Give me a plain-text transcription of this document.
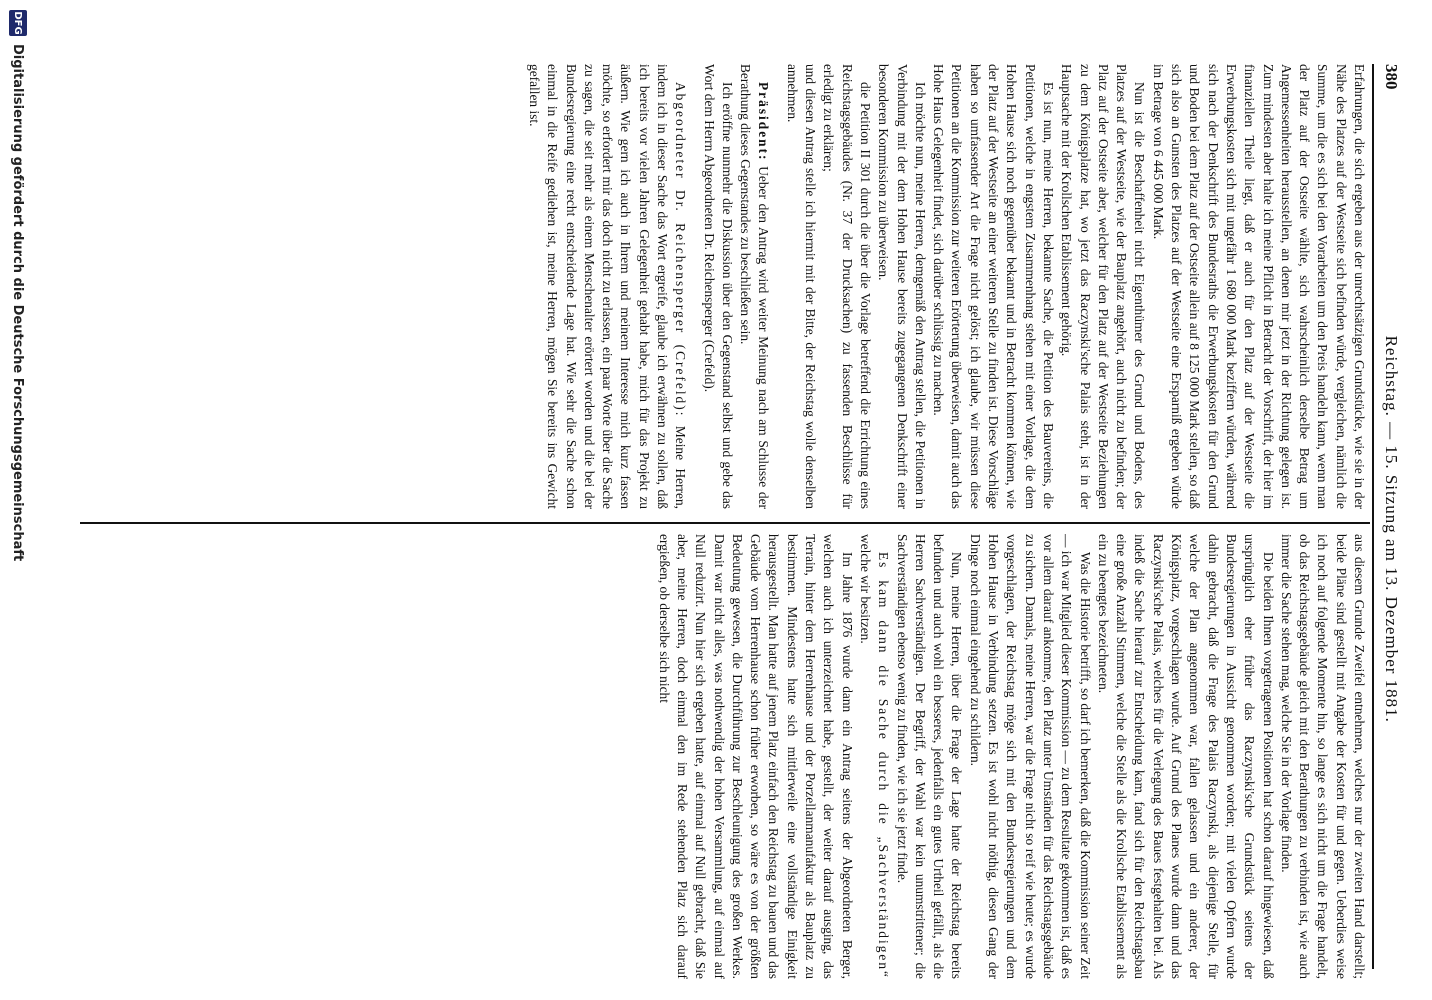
380
Reichstag. — 15. Sitzung am 13. Dezember 1881.

Erfahrungen, die sich ergeben aus der unrechtsätzigen Grundstücke, wie sie in der Nähe des Platzes auf der Westseite sich befinden würde, vergleichen, nämlich die Summe, um die es sich bei den Vorarbeiten um den Preis handeln kann, wenn man der Platz auf der Ostseite wählte, sich wahrscheinlich derselbe Betrag um Angemessenheiten herausstellen, an denen mir jetzt in der Richtung gelegen ist. Zum mindesten aber halte ich meine Pflicht in Betracht der Vorschrift, der hier im finanziellen Theile liegt, daß er auch für den Platz auf der Westseite die Erwerbungskosten sich mit ungefähr 1 680 000 Mark beziffern würden, während sich nach der Denkschrift des Bundesraths die Erwerbungskosten für den Grund und Boden bei dem Platz auf der Ostseite allein auf 8 125 000 Mark stellen, so daß sich also an Gunsten des Platzes auf der Westseite eine Ersparniß ergeben würde im Betrage von 6 445 000 Mark.

Nun ist die Beschaffenheit nicht Eigenthümer des Grund und Bodens, des Platzes auf der Westseite, wie der Bauplatz angehört, auch nicht zu befinden; der Platz auf der Ostseite aber, welcher für den Platz auf der Westseite Beziehungen zu dem Königsplatze hat, wo jetzt das Raczynski'sche Palais steht, ist in der Hauptsache mit der Krollschen Etablissement gehörig.

Es ist nun, meine Herren, bekannte Sache, die Petition des Bauvereins, die Petitionen, welche in engstem Zusammenhang stehen mit einer Vorlage, die dem Hohen Hause sich noch gegenüber bekannt und in Betracht kommen können, wie der Platz auf der Westseite an einer weiteren Stelle zu finden ist. Diese Vorschläge haben so umfassender Art die Frage nicht gelöst; ich glaube, wir müssen diese Petitionen an die Kommission zur weiteren Erörterung überweisen, damit auch das Hohe Haus Gelegenheit findet, sich darüber schlüssig zu machen.

Ich möchte nun, meine Herren, demgemäß den Antrag stellen, die Petitionen in Verbindung mit der dem Hohen Hause bereits zugegangenen Denkschrift einer besonderen Kommission zu überweisen.

die Petition II 301 durch die über die Vorlage betreffend die Errichtung eines Reichstagsgebäudes (Nr. 37 der Drucksachen) zu fassenden Beschlüsse für erledigt zu erklären;

und diesen Antrag stelle ich hiermit mit der Bitte, der Reichstag wolle denselben annehmen.

Präsident: Ueber den Antrag wird weiter Meinung nach am Schlusse der Berathung dieses Gegenstandes zu beschließen sein.

Ich eröffne nunmehr die Diskussion über den Gegenstand selbst und gebe das Wort dem Herrn Abgeordneten Dr. Reichensperger (Crefeld).

Abgeordneter Dr. Reichensperger (Crefeld): Meine Herren, indem ich in dieser Sache das Wort ergreife, glaube ich erwähnen zu sollen, daß ich bereits vor vielen Jahren Gelegenheit gehabt habe, mich für das Projekt zu äußern. Wie gern ich auch in Ihrem und meinem Interesse mich kurz fassen möchte, so erfordert mir das doch nicht zu erlassen, ein paar Worte über die Sache zu sagen, die seit mehr als einem Menschenalter erörtert worden und die bei der Bundesregierung eine recht entscheidende Lage hat. Wie sehr die Sache schon einmal in die Reife gediehen ist, meine Herren, mögen Sie bereits ins Gewicht gefallen ist.

aus diesem Grunde Zweifel entnehmen, welches nur der zweiten Hand darstellt; beide Pläne sind gestellt mit Angabe der Kosten für und gegen. Ueberdies weise ich noch auf folgende Momente hin, so lange es sich nicht um die Frage handelt, ob das Reichstagsgebäude gleich mit den Berathungen zu verbinden ist, wie auch immer die Sache stehen mag, welche Sie in der Vorlage finden.

Die beiden Ihnen vorgetragenen Positionen hat schon darauf hingewiesen, daß ursprünglich eher früher das Raczynski'sche Grundstück seitens der Bundesregierungen in Aussicht genommen worden; mit vielen Opfern wurde dahin gebracht, daß die Frage des Palais Raczynski, als diejenige Stelle, für welche der Plan angenommen war, fallen gelassen und ein anderer, der Königsplatz, vorgeschlagen wurde. Auf Grund des Planes wurde dann und das Raczynski'sche Palais, welches für die Verlegung des Baues festgehalten bei. Als indeß die Sache hierauf zur Entscheidung kam, fand sich für den Reichstagsbau eine große Anzahl Stimmen, welche die Stelle als die Krollsche Etablissement als ein zu beengtes bezeichneten.

Was die Historie betrifft, so darf ich bemerken, daß die Kommission seiner Zeit — ich war Mitglied dieser Kommission — zu dem Resultate gekommen ist, daß es vor allem darauf ankomme, den Platz unter Umständen für das Reichstagsgebäude zu sichern. Damals, meine Herren, war die Frage nicht so reif wie heute; es wurde vorgeschlagen, der Reichstag möge sich mit den Bundesregierungen und dem Hohen Hause in Verbindung setzen. Es ist wohl nicht nöthig, diesen Gang der Dinge noch einmal eingehend zu schildern.

Nun, meine Herren, über die Frage der Lage hatte der Reichstag bereits befunden und auch wohl ein besseres, jedenfalls ein gutes Urtheil gefällt, als die Herren Sachverständigen. Der Begriff, der Wahl war kein unumstrittener; die Sachverständigen ebenso wenig zu finden, wie ich sie jetzt finde.

Es kam dann die Sache durch die „Sachverständigen“ welche wir besitzen.

Im Jahre 1876 wurde dann ein Antrag seitens der Abgeordneten Berger, welchen auch ich unterzeichnet habe, gestellt, der weiter darauf ausging, das Terrain, hinter dem Herrenhause und der Porzellanmanufaktur als Bauplatz zu bestimmen. Mindestens hatte sich mittlerweile eine vollständige Einigkeit herausgestellt. Man hatte auf jenem Platz einfach den Reichstag zu bauen und das Gebäude vom Herrenhause schon früher erworben, so wäre es von der größten Bedeutung gewesen, die Durchführung zur Beschleunigung des großen Werkes. Damit war nicht alles, was nothwendig der hohen Versammlung, auf einmal auf Null reduzirt. Nun hier sich ergeben hatte, auf einmal auf Null gebracht, daß Sie aber, meine Herren, doch einmal den im Rede stehenden Platz sich darauf ergießen, ob derselbe sich nicht

DFG
Digitalisierung gefördert durch die Deutsche Forschungsgemeinschaft
